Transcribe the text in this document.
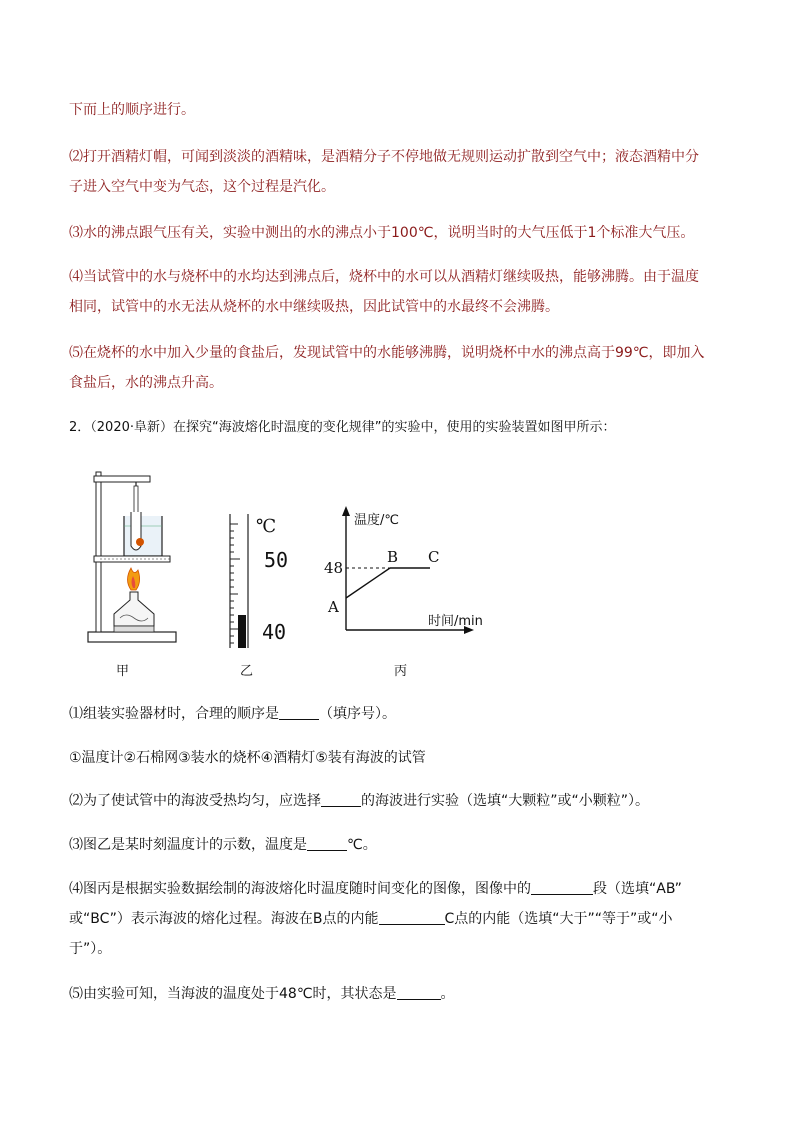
下而上的顺序进行。
⑵打开酒精灯帽，可闻到淡淡的酒精味，是酒精分子不停地做无规则运动扩散到空气中；液态酒精中分
子进入空气中变为气态，这个过程是汽化。
⑶水的沸点跟气压有关，实验中测出的水的沸点小于100℃，说明当时的大气压低于1个标准大气压。
⑷当试管中的水与烧杯中的水均达到沸点后，烧杯中的水可以从酒精灯继续吸热，能够沸腾。由于温度
相同，试管中的水无法从烧杯的水中继续吸热，因此试管中的水最终不会沸腾。
⑸在烧杯的水中加入少量的食盐后，发现试管中的水能够沸腾，说明烧杯中水的沸点高于99℃，即加入
食盐后，水的沸点升高。
2．（2020·阜新）在探究“海波熔化时温度的变化规律”的实验中，使用的实验装置如图甲所示：
℃
50
40
温度/℃
时间/min
48
A
B C
甲	乙	丙
⑴组装实验器材时，合理的顺序是	（填序号）。
①温度计②石棉网③装水的烧杯④酒精灯⑤装有海波的试管
⑵为了使试管中的海波受热均匀，应选择	的海波进行实验（选填“大颗粒”或“小颗粒”）。
⑶图乙是某时刻温度计的示数，温度是	℃。
⑷图丙是根据实验数据绘制的海波熔化时温度随时间变化的图像，图像中的	段（选填“AB”
或“BC”）表示海波的熔化过程。海波在B点的内能	C点的内能（选填“大于”“等于”或“小
于”）。
⑸由实验可知，当海波的温度处于48℃时，其状态是	。
